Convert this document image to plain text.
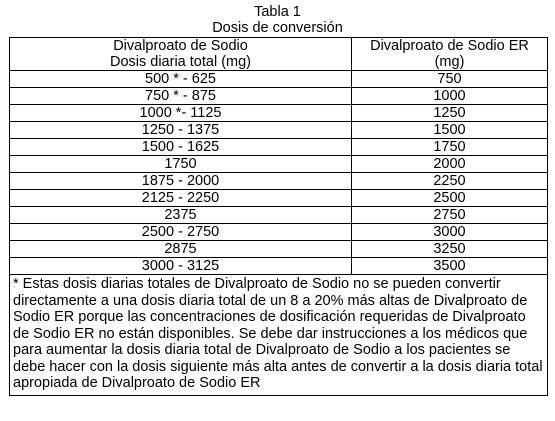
Tabla 1
Dosis de conversión
Divalproato de Sodio	Divalproato de Sodio ER
Dosis diaria total (mg)	(mg)
500 * - 625	750
750 * - 875	1000
1000 *- 1125	1250
1250 - 1375	1500
1500 - 1625	1750
1750	2000
1875 - 2000	2250
2125 - 2250	2500
2375	2750
2500 - 2750	3000
2875	3250
3000 - 3125	3500
* Estas dosis diarias totales de Divalproato de Sodio no se pueden convertir directamente a una dosis diaria total de un 8 a 20% más altas de Divalproato de Sodio ER porque las concentraciones de dosificación requeridas de Divalproato de Sodio ER no están disponibles. Se debe dar instrucciones a los médicos que para aumentar la dosis diaria total de Divalproato de Sodio a los pacientes se debe hacer con la dosis siguiente más alta antes de convertir a la dosis diaria total apropiada de Divalproato de Sodio ER	
